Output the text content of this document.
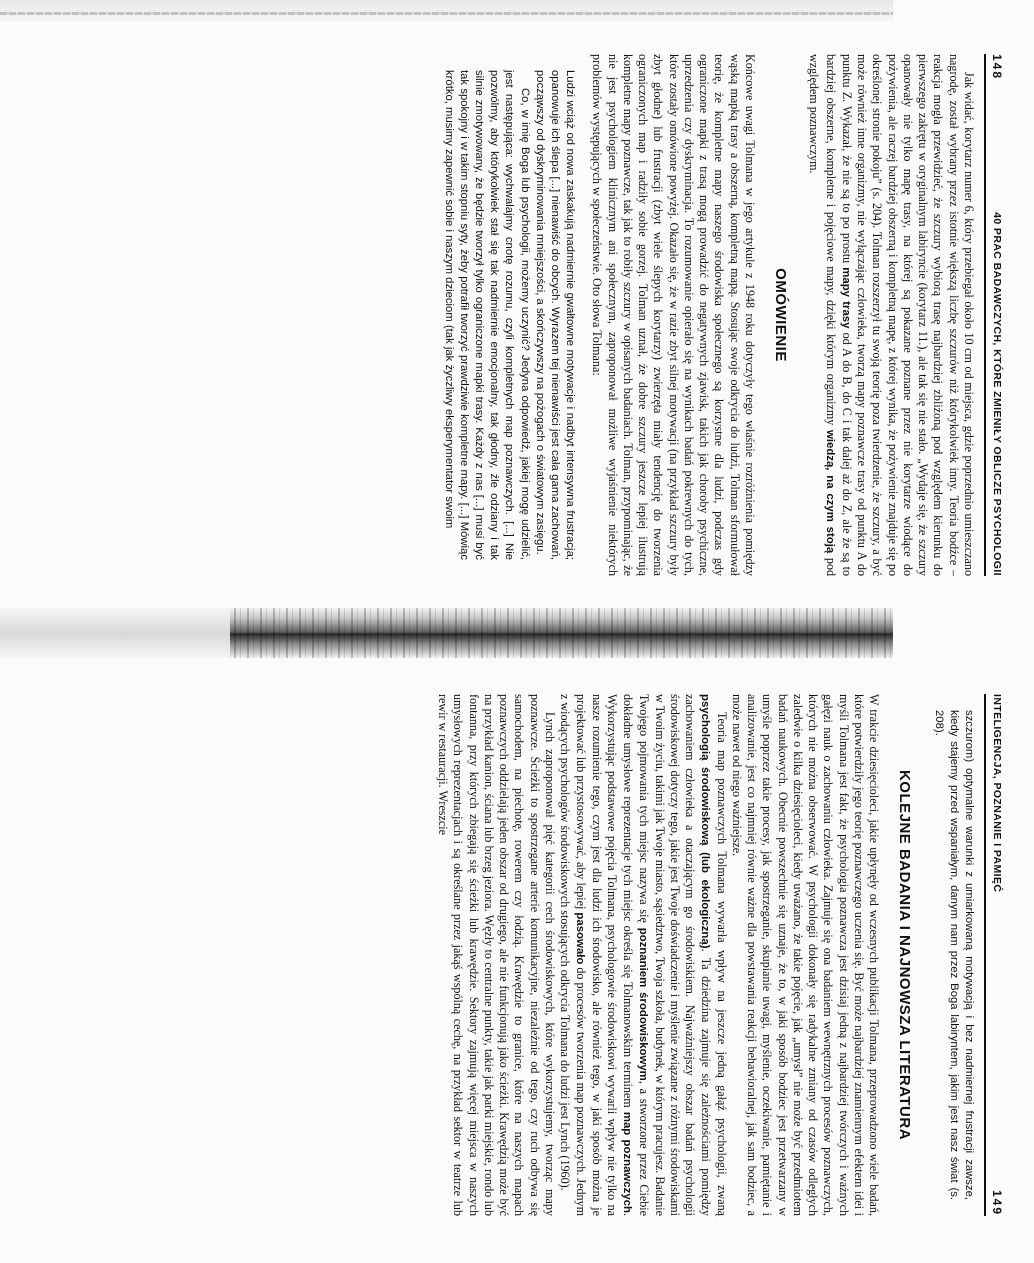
148
40 PRAC BADAWCZYCH, KTÓRE ZMIENIŁY OBLICZE PSYCHOLOGII

Jak widać, korytarz numer 6, który przebiegał około 10 cm od miejsca, gdzie poprzednio umieszczano nagrodę, został wybrany przez istotnie większą liczbę szczurów niż którykolwiek inny. Teoria bodźce – reakcja mogła przewidzieć, że szczury wybiorą trasę najbardziej zbliżoną pod względem kierunku do pierwszego zakrętu w oryginalnym labiryncie (korytarz 11.), ale tak się nie stało. „Wydaje się, że szczury opanowały nie tylko mapę trasy, na której są pokazane poznane przez nie korytarze wiodące do pożywienia, ale raczej bardziej obszerną i kompletną mapę, z której wynika, że pożywienie znajduje się po określonej stronie pokoju” (s. 204). Tolman rozszerzył tu swoją teorię poza twierdzenie, że szczury, a być może również inne organizmy, nie wyłączając człowieka, tworzą mapy poznawcze trasy od punktu A do punktu Z. Wykazał, że nie są to po prostu mapy trasy od A do B, do C i tak dalej aż do Z, ale że są to bardziej obszerne, kompletne i pojęciowe mapy, dzięki którym organizmy wiedzą, na czym stoją pod względem poznawczym.

OMÓWIENIE

Końcowe uwagi Tolmana w jego artykule z 1948 roku dotyczyły tego właśnie rozróżnienia pomiędzy wąską mapką trasy a obszerną, kompletną mapą. Stosując swoje odkrycia do ludzi, Tolman sformułował teorię, że kompletne mapy naszego środowiska społecznego są korzystne dla ludzi, podczas gdy ograniczone mapki z trasą mogą prowadzić do negatywnych zjawisk, takich jak choroby psychiczne, uprzedzenia czy dyskryminacja. To rozumowanie opierało się na wynikach badań pokrewnych do tych, które zostały omówione powyżej. Okazało się, że w razie zbyt silnej motywacji (na przykład szczury były zbyt głodne) lub frustracji (zbyt wiele ślepych korytarzy) zwierzęta miały tendencję do tworzenia ograniczonych map i radziły sobie gorzej. Tolman uznał, że dobre szczury jeszcze lepiej ilustrują kompletne mapy poznawcze, tak jak to robiły szczury w opisanych badaniach. Tolman, przypominając, że nie jest psychologiem klinicznym ani społecznym, zaproponował możliwe wyjaśnienie niektórych problemów występujących w społeczeństwie. Oto słowa Tolmana:

Ludzi wciąż od nowa zaskakują nadmiernie gwałtowne motywacje i nadbyt intensywna frustracja; opanowuje ich ślepa [...] nienawiść do obcych. Wyrazem tej nienawiści jest cała gama zachowań, począwszy od dyskryminowania mniejszości, a skończywszy na pożogach o światowym zasięgu.

Co, w imię Boga lub psychologii, możemy uczynić? Jedyna odpowiedź, jakiej mogę udzielić, jest następująca: wychwalajmy cnotę rozumu, czyli kompletnych map poznawczych. [...] Nie pozwólmy, aby którykolwiek stał się tak nadmiernie emocjonalny, tak głodny, źle odziany i tak silnie zmotywowany, że będzie tworzył tylko ograniczone mapki trasy. Każdy z nas [...] musi być tak spokojny i w takim stopniu syty, żeby potrafił tworzyć prawdziwie kompletne mapy. [...] Mówiąc krótko, musimy zapewnić sobie i naszym dzieciom (tak jak życzliwy eksperymentator swoim

INTELIGENCJA, POZNANIE I PAMIĘĆ
149

szczurom) optymalne warunki z umiarkowaną motywacją i bez nadmiernej frustracji zawsze, kiedy stajemy przed wspaniałym, danym nam przez Boga labiryntem, jakim jest nasz świat (s. 208).

KOLEJNE BADANIA I NAJNOWSZA LITERATURA

W trakcie dziesięcioleci, jakie upłynęły od wczesnych publikacji Tolmana, przeprowadzono wiele badań, które potwierdziły jego teorię poznawczego uczenia się. Być może najbardziej znamiennym efektem idei i myśli Tolmana jest fakt, że psychologia poznawcza jest dzisiaj jedną z najbardziej twórczych i ważnych gałęzi nauk o zachowaniu człowieka. Zajmuje się ona badaniem wewnętrznych procesów poznawczych, których nie można obserwować. W psychologii dokonały się radykalne zmiany od czasów odległych zaledwie o kilka dziesięcioleci, kiedy uważano, że takie pojęcie, jak „umysł” nie może być przedmiotem badań naukowych. Obecnie powszechnie się uznaje, że to, w jaki sposób bodziec jest przetwarzany w umyśle poprzez takie procesy, jak spostrzeganie, skupianie uwagi, myślenie, oczekiwanie, pamiętanie i analizowanie, jest co najmniej równie ważne dla powstawania reakcji behawioralnej, jak sam bodziec, a może nawet od niego ważniejsze.

Teoria map poznawczych Tolmana wywarła wpływ na jeszcze jedną gałąź psychologii, zwaną psychologią środowiskową (lub ekologiczną). Ta dziedzina zajmuje się zależnościami pomiędzy zachowaniem człowieka a otaczającym go środowiskiem. Najważniejszy obszar badań psychologii środowiskowej dotyczy tego, jakie jest Twoje doświadczenie i myślenie związane z różnymi środowiskami w Twoim życiu, takimi jak Twoje miasto, sąsiedztwo, Twoja szkoła, budynek, w którym pracujesz. Badanie Twojego pojmowania tych miejsc nazywa się poznaniem środowiskowym, a stworzone przez Ciebie dokładne umysłowe reprezentacje tych miejsc określa się Tolmanowskim terminem map poznawczych. Wykorzystując podstawowe pojęcia Tolmana, psychologowie środowiskowi wywarli wpływ nie tylko na nasze rozumienie tego, czym jest dla ludzi ich środowisko, ale również tego, w jaki sposób można je projektować lub przystosowywać, aby lepiej pasowało do procesów tworzenia map poznawczych. Jednym z wiodących psychologów środowiskowych stosujących odkrycia Tolmana do ludzi jest Lynch (1960).

Lynch zaproponował pięć kategorii cech środowiskowych, które wykorzystujemy, tworząc mapy poznawcze. Ścieżki to spostrzegane arterie komunikacyjne, niezależnie od tego, czy ruch odbywa się samochodem, na piechotę, rowerem czy łodzią. Krawędzie to granice, które na naszych mapach poznawczych oddzielają jeden obszar od drugiego, ale nie funkcjonują jako ścieżki. Krawędzią może być na przykład kanion, ściana lub brzeg jeziora. Węzły to centralne punkty, takie jak parki miejskie, rondo lub fontanna, przy których zbiegają się ścieżki lub krawędzie. Sektory zajmują więcej miejsca w naszych umysłowych reprezentacjach i są określane przez jakąś wspólną cechę, na przykład sektor w teatrze lub rewir w restauracji. Wreszcie
